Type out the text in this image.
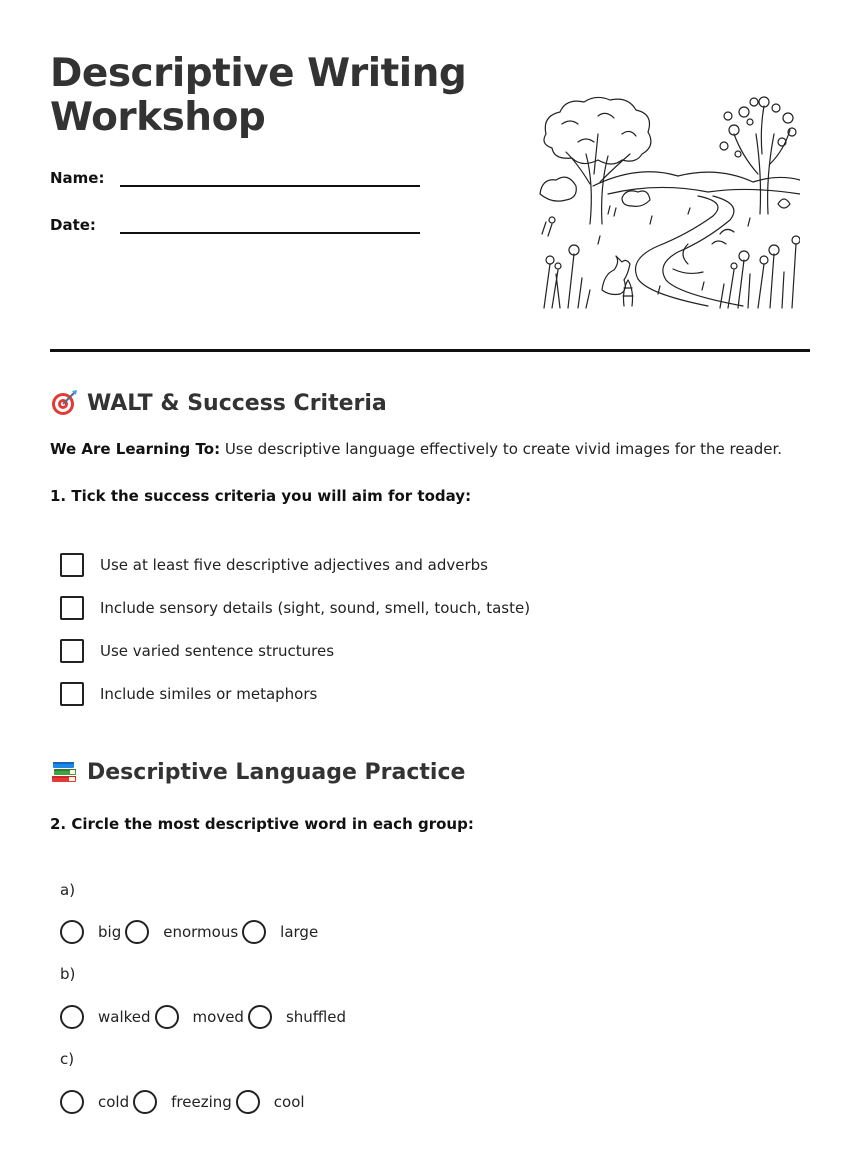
Descriptive Writing Workshop
Name:
Date:
WALT & Success Criteria
We Are Learning To: Use descriptive language effectively to create vivid images for the reader.
1. Tick the success criteria you will aim for today:
Use at least five descriptive adjectives and adverbs
Include sensory details (sight, sound, smell, touch, taste)
Use varied sentence structures
Include similes or metaphors
Descriptive Language Practice
2. Circle the most descriptive word in each group:
a)
big	enormous	large
b)
walked	moved	shuffled
c)
cold	freezing	cool
